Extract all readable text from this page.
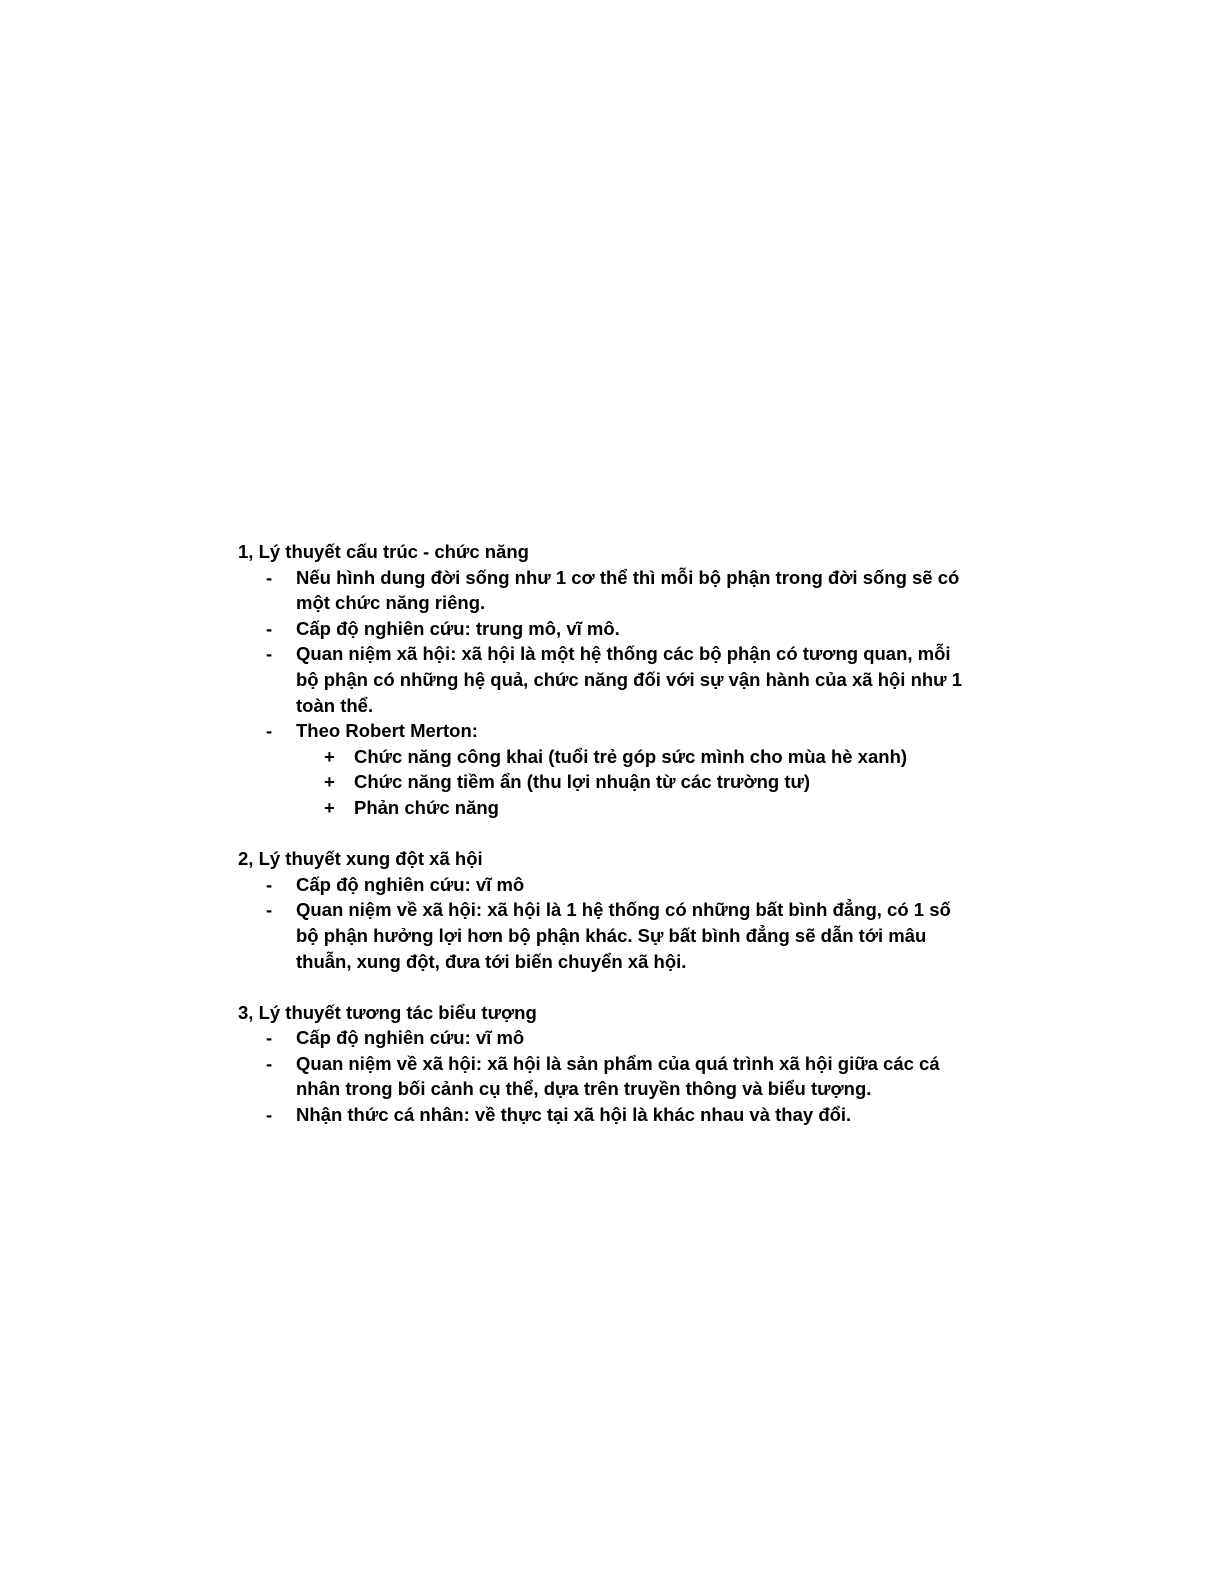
1, Lý thuyết cấu trúc - chức năng

- Nếu hình dung đời sống như 1 cơ thể thì mỗi bộ phận trong đời sống sẽ có một chức năng riêng.
- Cấp độ nghiên cứu: trung mô, vĩ mô.
- Quan niệm xã hội: xã hội là một hệ thống các bộ phận có tương quan, mỗi bộ phận có những hệ quả, chức năng đối với sự vận hành của xã hội như 1 toàn thể.
- Theo Robert Merton:
+ Chức năng công khai (tuổi trẻ góp sức mình cho mùa hè xanh)
+ Chức năng tiềm ẩn (thu lợi nhuận từ các trường tư)
+ Phản chức năng

2, Lý thuyết xung đột xã hội

- Cấp độ nghiên cứu: vĩ mô
- Quan niệm về xã hội: xã hội là 1 hệ thống có những bất bình đẳng, có 1 số bộ phận hưởng lợi hơn bộ phận khác. Sự bất bình đẳng sẽ dẫn tới mâu thuẫn, xung đột, đưa tới biến chuyển xã hội.

3, Lý thuyết tương tác biểu tượng

- Cấp độ nghiên cứu: vĩ mô
- Quan niệm về xã hội: xã hội là sản phẩm của quá trình xã hội giữa các cá nhân trong bối cảnh cụ thể, dựa trên truyền thông và biểu tượng.
- Nhận thức cá nhân: về thực tại xã hội là khác nhau và thay đổi.
